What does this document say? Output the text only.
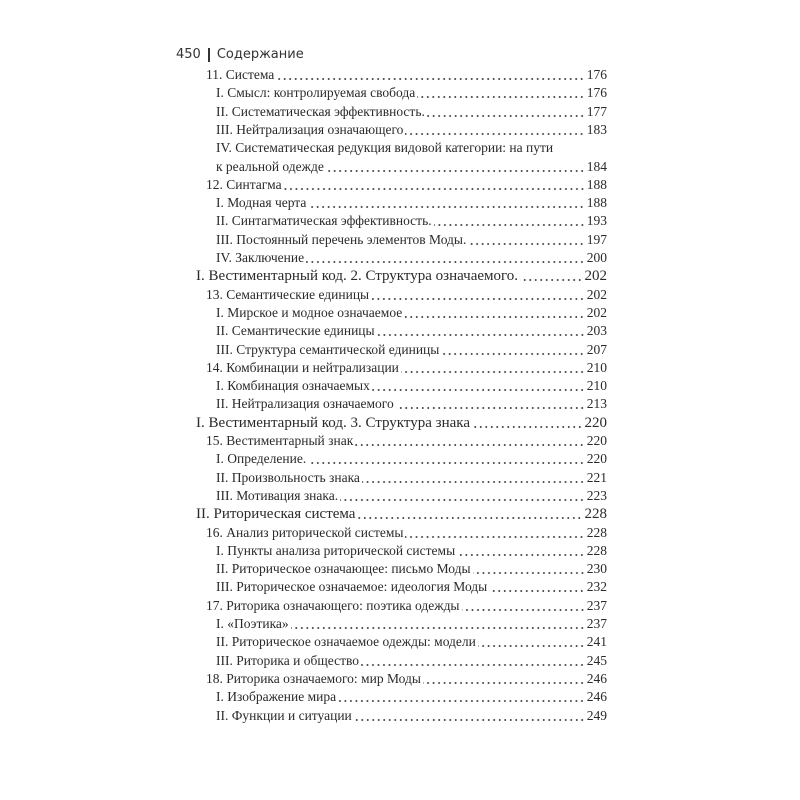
450 Содержание
11. Система	176
I. Смысл: контролируемая свобода	176
II. Систематическая эффективность.	177
III. Нейтрализация означающего	183
IV. Систематическая редукция видовой категории: на пути
к реальной одежде	184
12. Синтагма	188
I. Модная черта	188
II. Синтагматическая эффективность.	193
III. Постоянный перечень элементов Моды.	197
IV. Заключение	200
I. Вестиментарный код. 2. Структура означаемого.	202
13. Семантические единицы	202
I. Мирское и модное означаемое	202
II. Семантические единицы	203
III. Структура семантической единицы	207
14. Комбинации и нейтрализации	210
I. Комбинация означаемых	210
II. Нейтрализация означаемого	213
I. Вестиментарный код. 3. Структура знака	220
15. Вестиментарный знак	220
I. Определение.	220
II. Произвольность знака	221
III. Мотивация знака.	223
II. Риторическая система	228
16. Анализ риторической системы	228
I. Пункты анализа риторической системы	228
II. Риторическое означающее: письмо Моды	230
III. Риторическое означаемое: идеология Моды	232
17. Риторика означающего: поэтика одежды	237
I. «Поэтика»	237
II. Риторическое означаемое одежды: модели	241
III. Риторика и общество	245
18. Риторика означаемого: мир Моды	246
I. Изображение мира	246
II. Функции и ситуации	249
